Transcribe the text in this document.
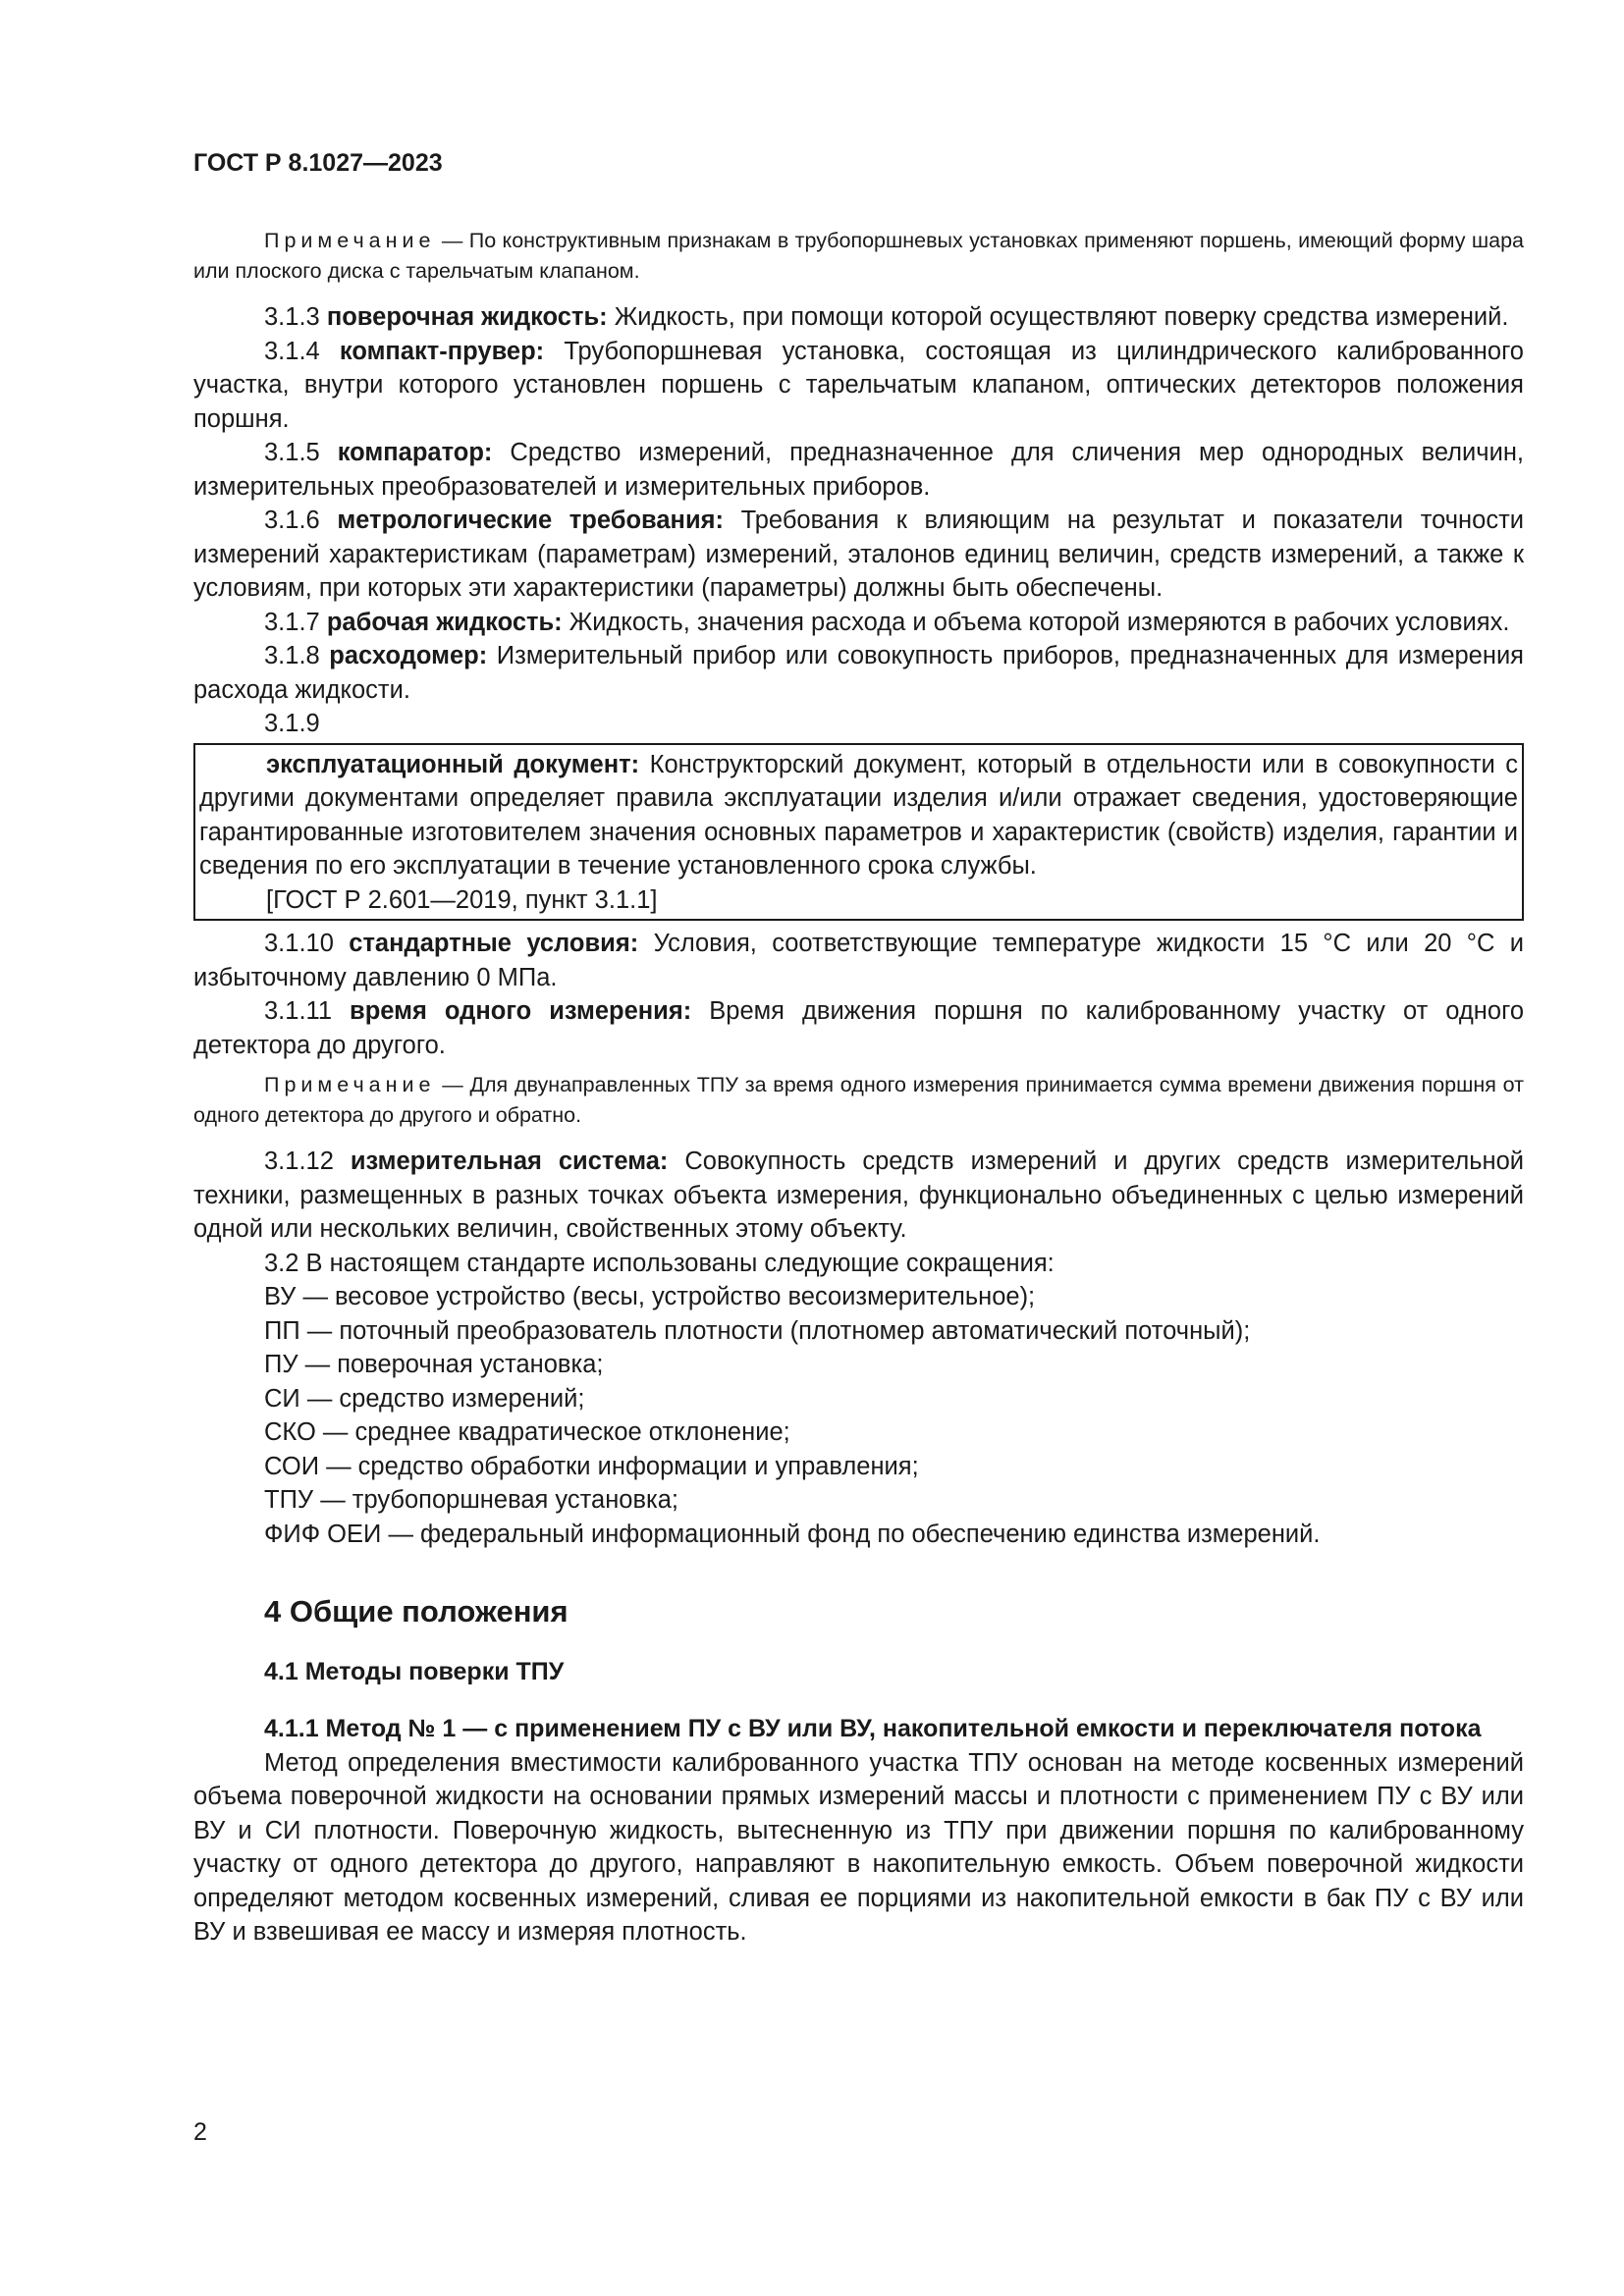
ГОСТ Р 8.1027—2023

Примечание — По конструктивным признакам в трубопоршневых установках применяют поршень, имеющий форму шара или плоского диска с тарельчатым клапаном.

3.1.3 поверочная жидкость: Жидкость, при помощи которой осуществляют поверку средства измерений.

3.1.4 компакт-прувер: Трубопоршневая установка, состоящая из цилиндрического калиброванного участка, внутри которого установлен поршень с тарельчатым клапаном, оптических детекторов положения поршня.

3.1.5 компаратор: Средство измерений, предназначенное для сличения мер однородных величин, измерительных преобразователей и измерительных приборов.

3.1.6 метрологические требования: Требования к влияющим на результат и показатели точности измерений характеристикам (параметрам) измерений, эталонов единиц величин, средств измерений, а также к условиям, при которых эти характеристики (параметры) должны быть обеспечены.

3.1.7 рабочая жидкость: Жидкость, значения расхода и объема которой измеряются в рабочих условиях.

3.1.8 расходомер: Измерительный прибор или совокупность приборов, предназначенных для измерения расхода жидкости.

3.1.9

эксплуатационный документ: Конструкторский документ, который в отдельности или в совокупности с другими документами определяет правила эксплуатации изделия и/или отражает сведения, удостоверяющие гарантированные изготовителем значения основных параметров и характеристик (свойств) изделия, гарантии и сведения по его эксплуатации в течение установленного срока службы.

[ГОСТ Р 2.601—2019, пункт 3.1.1]

3.1.10 стандартные условия: Условия, соответствующие температуре жидкости 15 °С или 20 °С и избыточному давлению 0 МПа.

3.1.11 время одного измерения: Время движения поршня по калиброванному участку от одного детектора до другого.

Примечание — Для двунаправленных ТПУ за время одного измерения принимается сумма времени движения поршня от одного детектора до другого и обратно.

3.1.12 измерительная система: Совокупность средств измерений и других средств измерительной техники, размещенных в разных точках объекта измерения, функционально объединенных с целью измерений одной или нескольких величин, свойственных этому объекту.

3.2 В настоящем стандарте использованы следующие сокращения:

ВУ — весовое устройство (весы, устройство весоизмерительное);

ПП — поточный преобразователь плотности (плотномер автоматический поточный);

ПУ — поверочная установка;

СИ — средство измерений;

СКО — среднее квадратическое отклонение;

СОИ — средство обработки информации и управления;

ТПУ — трубопоршневая установка;

ФИФ ОЕИ — федеральный информационный фонд по обеспечению единства измерений.

4 Общие положения
4.1 Методы поверки ТПУ

4.1.1 Метод № 1 — с применением ПУ с ВУ или ВУ, накопительной емкости и переключателя потока

Метод определения вместимости калиброванного участка ТПУ основан на методе косвенных измерений объема поверочной жидкости на основании прямых измерений массы и плотности с применением ПУ с ВУ или ВУ и СИ плотности. Поверочную жидкость, вытесненную из ТПУ при движении поршня по калиброванному участку от одного детектора до другого, направляют в накопительную емкость. Объем поверочной жидкости определяют методом косвенных измерений, сливая ее порциями из накопительной емкости в бак ПУ с ВУ или ВУ и взвешивая ее массу и измеряя плотность.

2
